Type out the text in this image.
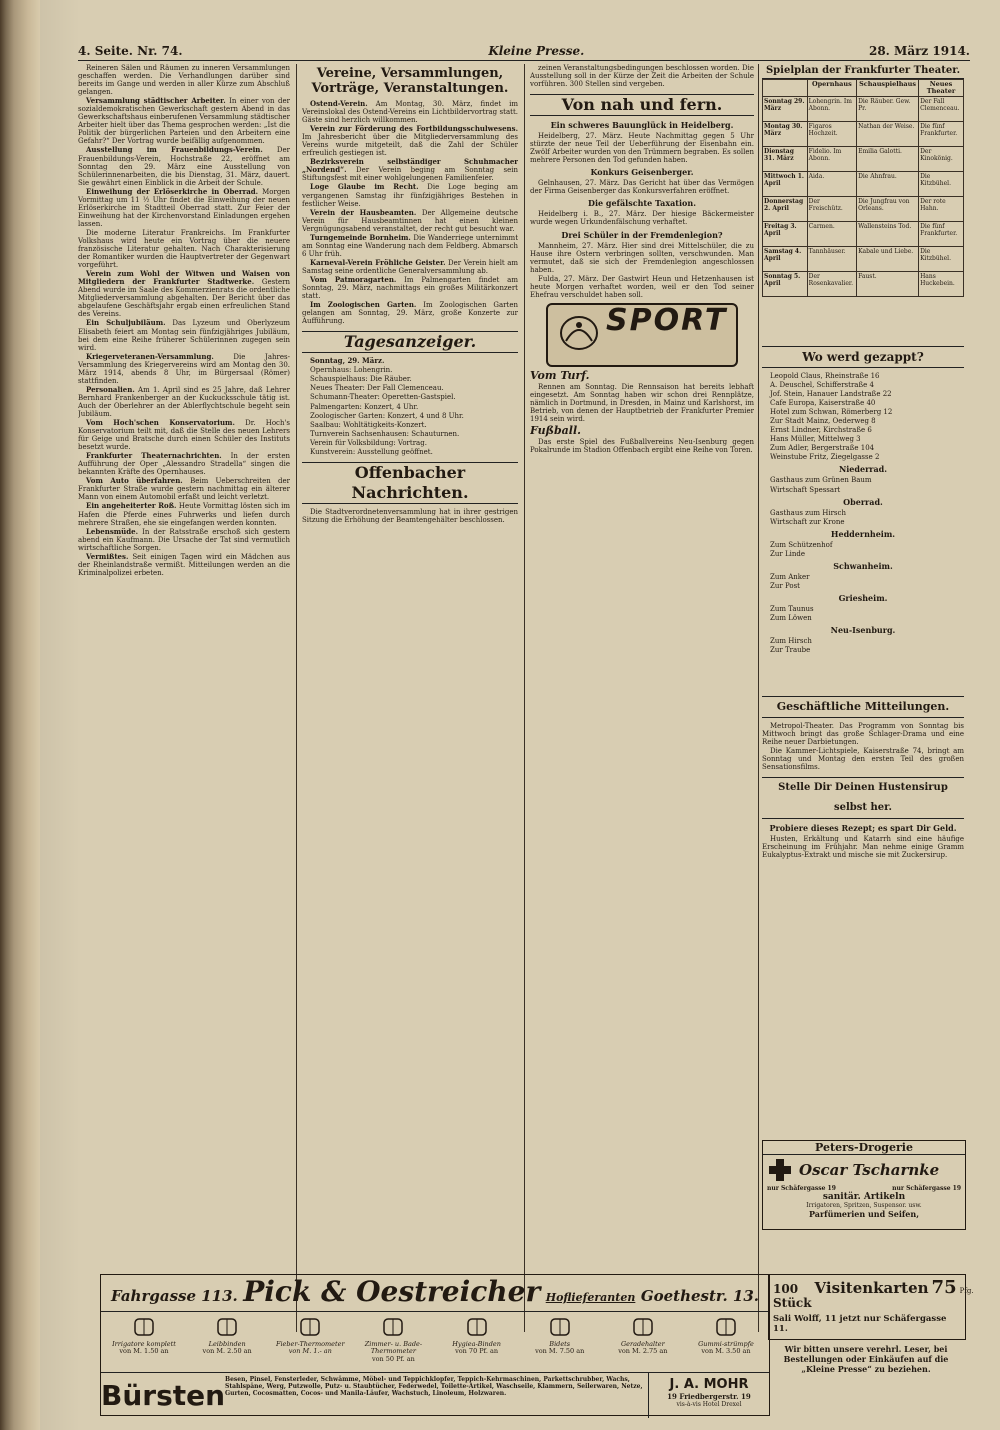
4. Seite. Nr. 74.	Kleine Presse.	28. März 1914.

Reineren Sälen und Räumen zu inneren Versammlungen geschaffen werden. Die Verhandlungen darüber sind bereits im Gange und werden in aller Kürze zum Abschluß gelangen.

Versammlung städtischer Arbeiter. In einer von der sozialdemokratischen Gewerkschaft gestern Abend in das Gewerkschaftshaus einberufenen Versammlung städtischer Arbeiter hielt über das Thema gesprochen werden: „Ist die Politik der bürgerlichen Parteien und den Arbeitern eine Gefahr?“ Der Vortrag wurde beifällig aufgenommen.

Ausstellung im Frauenbildungs-Verein. Der Frauenbildungs-Verein, Hochstraße 22, eröffnet am Sonntag den 29. März eine Ausstellung von Schülerinnenarbeiten, die bis Dienstag, 31. März, dauert. Sie gewährt einen Einblick in die Arbeit der Schule.

Einweihung der Erlöserkirche in Oberrad. Morgen Vormittag um 11 ½ Uhr findet die Einweihung der neuen Erlöserkirche im Stadtteil Oberrad statt. Zur Feier der Einweihung hat der Kirchenvorstand Einladungen ergehen lassen.

Die moderne Literatur Frankreichs. Im Frankfurter Volkshaus wird heute ein Vortrag über die neuere französische Literatur gehalten. Nach Charakterisierung der Romantiker wurden die Hauptvertreter der Gegenwart vorgeführt.

Verein zum Wohl der Witwen und Waisen von Mitgliedern der Frankfurter Stadtwerke. Gestern Abend wurde im Saale des Kommerzienrats die ordentliche Mitgliederversammlung abgehalten. Der Bericht über das abgelaufene Geschäftsjahr ergab einen erfreulichen Stand des Vereins.

Ein Schuljubiläum. Das Lyzeum und Oberlyzeum Elisabeth feiert am Montag sein fünfzigjähriges Jubiläum, bei dem eine Reihe früherer Schülerinnen zugegen sein wird.

Kriegerveteranen-Versammlung.	Die Jahres-Versammlung des Kriegervereins wird am Montag den 30. März 1914, abends 8 Uhr, im Bürgersaal (Römer) stattfinden.

Personalien. Am 1. April sind es 25 Jahre, daß Lehrer Bernhard Frankenberger an der Kuckucksschule tätig ist. Auch der Oberlehrer an der Ablerflychtschule begeht sein Jubiläum.

Vom Hoch'schen Konservatorium. Dr. Hoch's Konservatorium teilt mit, daß die Stelle des neuen Lehrers für Geige und Bratsche durch einen Schüler des Instituts besetzt wurde.

Frankfurter Theaternachrichten. In der ersten Aufführung der Oper „Alessandro Stradella“ singen die bekannten Kräfte des Opernhauses.

Vom Auto überfahren. Beim Ueberschreiten der Frankfurter Straße wurde gestern nachmittag ein älterer Mann von einem Automobil erfaßt und leicht verletzt.

Ein angeheiterter Roß. Heute Vormittag lösten sich im Hafen die Pferde eines Fuhrwerks und liefen durch mehrere Straßen, ehe sie eingefangen werden konnten.

Lebensmüde. In der Ratsstraße erschoß sich gestern abend ein Kaufmann. Die Ursache der Tat sind vermutlich wirtschaftliche Sorgen.

Vermißtes. Seit einigen Tagen wird ein Mädchen aus der Rheinlandstraße vermißt. Mitteilungen werden an die Kriminalpolizei erbeten.

Vereine, Versammlungen, Vorträge, Veranstaltungen.

Ostend-Verein. Am Montag, 30. März, findet im Vereinslokal des Ostend-Vereins ein Lichtbildervortrag statt. Gäste sind herzlich willkommen.

Verein zur Förderung des Fortbildungsschulwesens. Im Jahresbericht über die Mitgliederversammlung des Vereins wurde mitgeteilt, daß die Zahl der Schüler erfreulich gestiegen ist.

Bezirksverein selbständiger Schuhmacher „Nordend“. Der Verein beging am Sonntag sein Stiftungsfest mit einer wohlgelungenen Familienfeier.

Loge Glaube im Recht. Die Loge beging am vergangenen Samstag ihr fünfzigjähriges Bestehen in festlicher Weise.

Verein der Hausbeamten. Der Allgemeine deutsche Verein für Hausbeamtinnen hat einen kleinen Vergnügungsabend veranstaltet, der recht gut besucht war.

Turngemeinde Bornheim. Die Wanderriege unternimmt am Sonntag eine Wanderung nach dem Feldberg. Abmarsch 6 Uhr früh.

Karneval-Verein Fröhliche Geister. Der Verein hielt am Samstag seine ordentliche Generalversammlung ab.

Vom Patmoragarten. Im Palmengarten findet am Sonntag, 29. März, nachmittags ein großes Militärkonzert statt.

Im Zoologischen Garten. Im Zoologischen Garten gelangen am Sonntag, 29. März, große Konzerte zur Aufführung.

Tagesanzeiger.

Sonntag, 29. März.

Opernhaus: Lohengrin.

Schauspielhaus: Die Räuber.

Neues Theater: Der Fall Clemenceau.

Schumann-Theater: Operetten-Gastspiel.

Palmengarten: Konzert, 4 Uhr.

Zoologischer Garten: Konzert, 4 und 8 Uhr.

Saalbau: Wohltätigkeits-Konzert.

Turnverein Sachsenhausen: Schauturnen.

Verein für Volksbildung: Vortrag.

Kunstverein: Ausstellung geöffnet.

Offenbacher Nachrichten.

Die Stadtverordnetenversammlung hat in ihrer gestrigen Sitzung die Erhöhung der Beamtengehälter beschlossen.

zeinen Veranstaltungsbedingungen beschlossen worden. Die Ausstellung soll in der Kürze der Zeit die Arbeiten der Schule vorführen. 300 Stellen sind vergeben.

Von nah und fern.
Ein schweres Bauunglück in Heidelberg.

Heidelberg, 27. März. Heute Nachmittag gegen 5 Uhr stürzte der neue Teil der Ueberführung der Eisenbahn ein. Zwölf Arbeiter wurden von den Trümmern begraben. Es sollen mehrere Personen den Tod gefunden haben.

Konkurs Geisenberger.

Gelnhausen, 27. März. Das Gericht hat über das Vermögen der Firma Geisenberger das Konkursverfahren eröffnet.

Die gefälschte Taxation.

Heidelberg i. B., 27. März. Der hiesige Bäckermeister wurde wegen Urkundenfälschung verhaftet.

Drei Schüler in der Fremdenlegion?

Mannheim, 27. März. Hier sind drei Mittelschüler, die zu Hause ihre Ostern verbringen sollten, verschwunden. Man vermutet, daß sie sich der Fremdenlegion angeschlossen haben.

Fulda, 27. März. Der Gastwirt Heun und Hetzenhausen ist heute Morgen verhaftet worden, weil er den Tod seiner Ehefrau verschuldet haben soll.

SPORT
Vom Turf.

Rennen am Sonntag. Die Rennsaison hat bereits lebhaft eingesetzt. Am Sonntag haben wir schon drei Rennplätze, nämlich in Dortmund, in Dresden, in Mainz und Karlshorst, im Betrieb, von denen der Hauptbetrieb der Frankfurter Premier 1914 sein wird.

Fußball.

Das erste Spiel des Fußballvereins Neu-Isenburg gegen Pokalrunde im Stadion Offenbach ergibt eine Reihe von Toren.

Spielplan der Frankfurter Theater.
	Opernhaus	Schauspielhaus	Neues Theater
Sonntag 29. März	Lohengrin. Im Abonn.	Die Räuber. Gew. Pr.	Der Fall Clemenceau.
Montag 30. März	Figaros Hochzeit.	Nathan der Weise.	Die fünf Frankfurter.
Dienstag 31. März	Fidelio. Im Abonn.	Emilia Galotti.	Der Kinokönig.
Mittwoch 1. April	Aida.	Die Ahnfrau.	Die Kitzbühel.
Donnerstag 2. April	Der Freischütz.	Die Jungfrau von Orleans.	Der rote Hahn.
Freitag 3. April	Carmen.	Wallensteins Tod.	Die fünf Frankfurter.
Samstag 4. April	Tannhäuser.	Kabale und Liebe.	Die Kitzbühel.
Sonntag 5. April	Der Rosenkavalier.	Faust.	Hans Huckebein.
Wo werd gezappt?

Leopold Claus, Rheinstraße 16

A. Deuschel, Schifferstraße 4

Jof. Stein, Hanauer Landstraße 22

Cafe Europa, Kaiserstraße 40

Hotel zum Schwan, Römerberg 12

Zur Stadt Mainz, Oederweg 8

Ernst Lindner, Kirchstraße 6

Hans Müller, Mittelweg 3

Zum Adler, Bergerstraße 104

Weinstube Fritz, Ziegelgasse 2

Niederrad.

Gasthaus zum Grünen Baum

Wirtschaft Spessart

Oberrad.

Gasthaus zum Hirsch

Wirtschaft zur Krone

Heddernheim.

Zum Schützenhof

Zur Linde

Schwanheim.

Zum Anker

Zur Post

Griesheim.

Zum Taunus

Zum Löwen

Neu-Isenburg.

Zum Hirsch

Zur Traube

Geschäftliche Mitteilungen.

Metropol-Theater. Das Programm von Sonntag bis Mittwoch bringt das große Schlager-Drama und eine Reihe neuer Darbietungen.

Die Kammer-Lichtspiele, Kaiserstraße 74, bringt am Sonntag und Montag den ersten Teil des großen Sensationsfilms.

Stelle Dir Deinen Hustensirup selbst her.
Probiere dieses Rezept; es spart Dir Geld.

Husten, Erkältung und Katarrh sind eine häufige Erscheinung im Frühjahr. Man nehme einige Gramm Eukalyptus-Extrakt und mische sie mit Zuckersirup.

Peters-Drogerie
Oscar Tscharnke
nur Schäfergasse 19	nur Schäfergasse 19
sanitär. Artikeln
Irrigatoren, Spritzen, Suspensor. usw.
Parfümerien und Seifen,
Fahrgasse 113. Pick & Oestreicher Hoflieferanten Goethestr. 13.
Irrigatore komplett
von M. 1.50 an
Leibbinden
von M. 2.50 an
Fieber-Thermometer von M. 1.- an
Zimmer- u. Bade-Thermometer
von 50 Pf. an
Hygiea-Binden
von 70 Pf. an
Bidets
von M. 7.50 an
Geradehalter
von M. 2.75 an
Gummi-strümpfe
von M. 3.50 an
Bürsten Besen, Pinsel, Fensterleder, Schwämme, Möbel- und Teppichklopfer, Teppich-Kehrmaschinen, Parkettschrubber, Wachs, Stahlspäne, Werg, Putzwolle, Putz- u. Staubtücher, Federwedel, Toilette-Artikel, Waschseile, Klammern, Seilerwaren, Netze, Gurten, Cocosmatten, Cocos- und Manila-Läufer, Wachstuch, Linoleum, Holzwaren.
J. A. MOHR
19 Friedbergerstr. 19
vis-à-vis Hotel Drexel
100 Stück
Visitenkarten 75 Pfg.
Sali Wolff, 11 jetzt nur Schäfergasse 11.

Wir bitten unsere verehrl. Leser, bei Bestellungen oder Einkäufen auf die „Kleine Presse“ zu beziehen.
